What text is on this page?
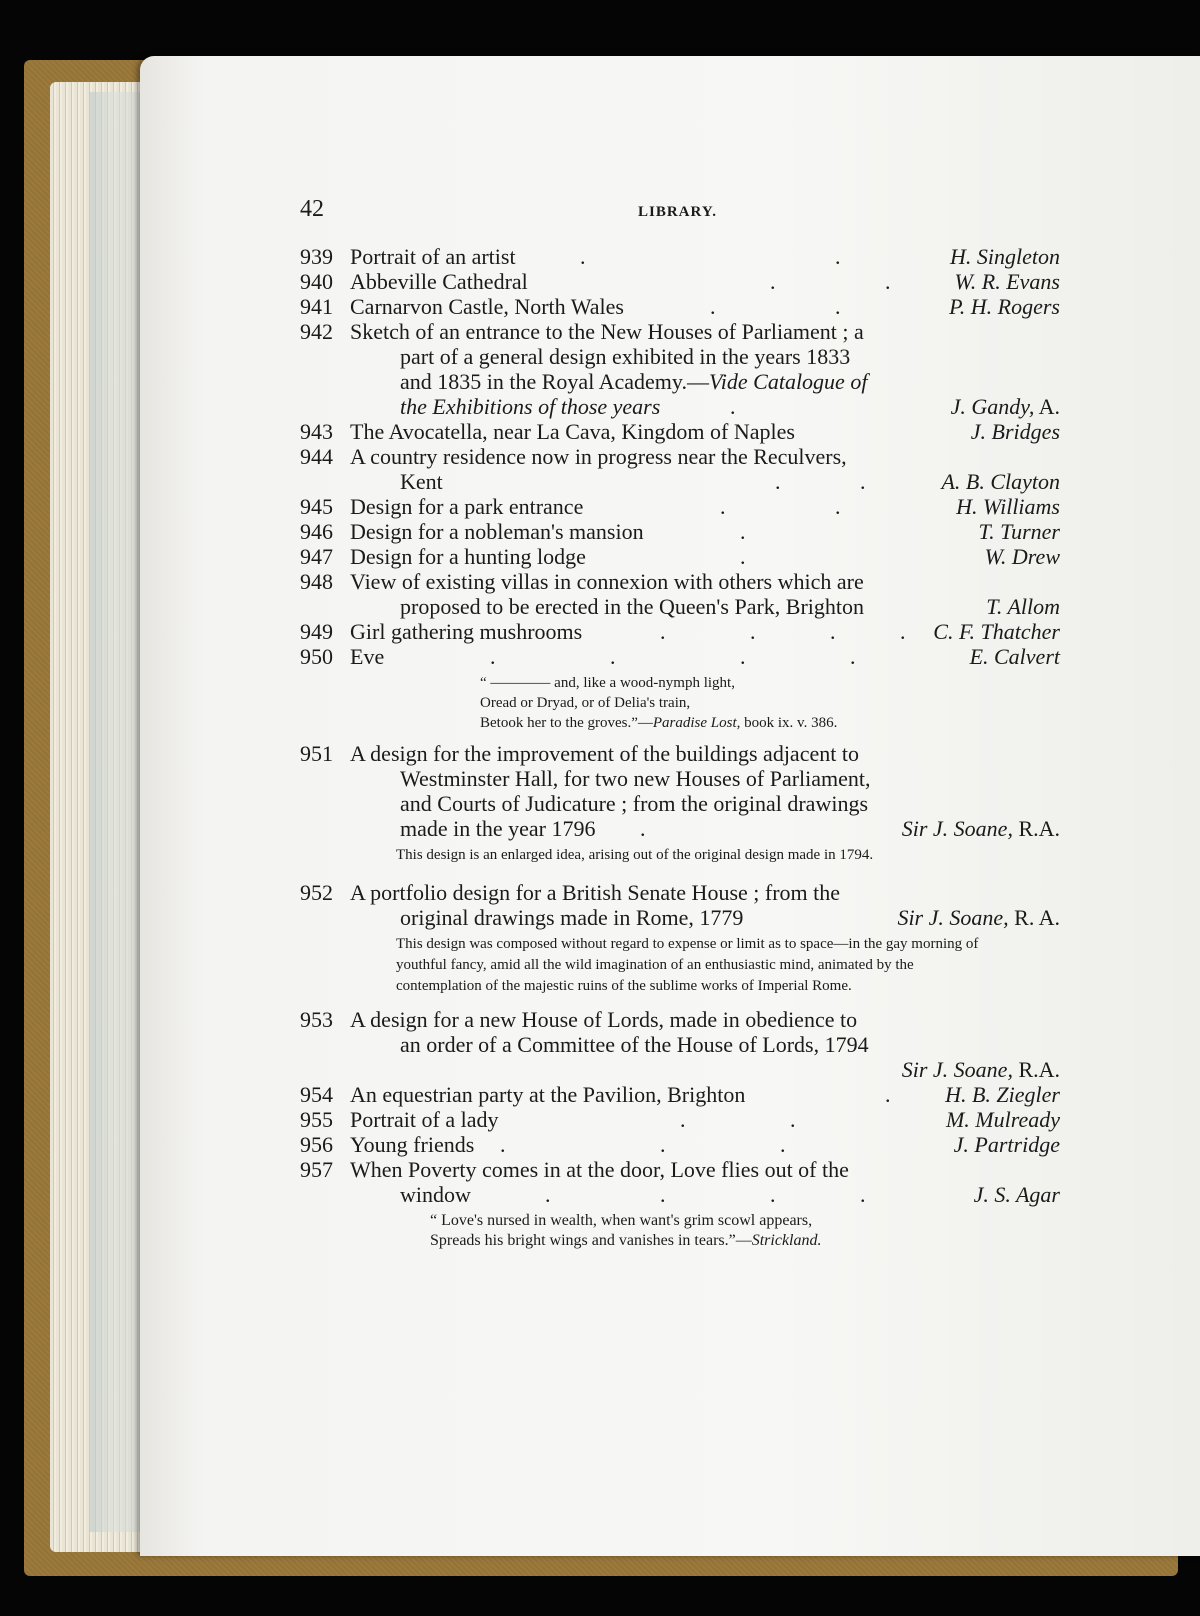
42	LIBRARY.
939 Portrait of an artist	.	.	H. Singleton
940 Abbeville Cathedral	.	.	W. R. Evans
941 Carnarvon Castle, North Wales	.	.	P. H. Rogers
942 Sketch of an entrance to the New Houses of Parliament ; a
part of a general design exhibited in the years 1833
and 1835 in the Royal Academy.—Vide Catalogue of
the Exhibitions of those years	.	J. Gandy, A.
943 The Avocatella, near La Cava, Kingdom of Naples	J. Bridges
944 A country residence now in progress near the Reculvers,
Kent	.	.	A. B. Clayton
945 Design for a park entrance	.	.	H. Williams
946 Design for a nobleman's mansion	.	T. Turner
947 Design for a hunting lodge	.	W. Drew
948 View of existing villas in connexion with others which are
proposed to be erected in the Queen's Park, Brighton	T. Allom
949 Girl gathering mushrooms	.	.	.	. C. F. Thatcher
950 Eve	.	.	.	.	E. Calvert
“ ———— and, like a wood-nymph light,
Oread or Dryad, or of Delia's train,
Betook her to the groves.”—Paradise Lost, book ix. v. 386.
951 A design for the improvement of the buildings adjacent to
Westminster Hall, for two new Houses of Parliament,
and Courts of Judicature ; from the original drawings
made in the year 1796 .	Sir J. Soane, R.A.
This design is an enlarged idea, arising out of the original design made in 1794.
952 A portfolio design for a British Senate House ; from the
original drawings made in Rome, 1779	Sir J. Soane, R. A.
This design was composed without regard to expense or limit as to space—in the gay morning of youthful fancy, amid all the wild imagination of an enthusiastic mind, animated by the contemplation of the majestic ruins of the sublime works of Imperial Rome.
953 A design for a new House of Lords, made in obedience to
an order of a Committee of the House of Lords, 1794
Sir J. Soane, R.A.
954 An equestrian party at the Pavilion, Brighton	. H. B. Ziegler
955 Portrait of a lady	.	.	M. Mulready
956 Young friends .	.	.	J. Partridge
957 When Poverty comes in at the door, Love flies out of the
window	.	.	.	.	J. S. Agar
“ Love's nursed in wealth, when want's grim scowl appears,
Spreads his bright wings and vanishes in tears.”—Strickland.
